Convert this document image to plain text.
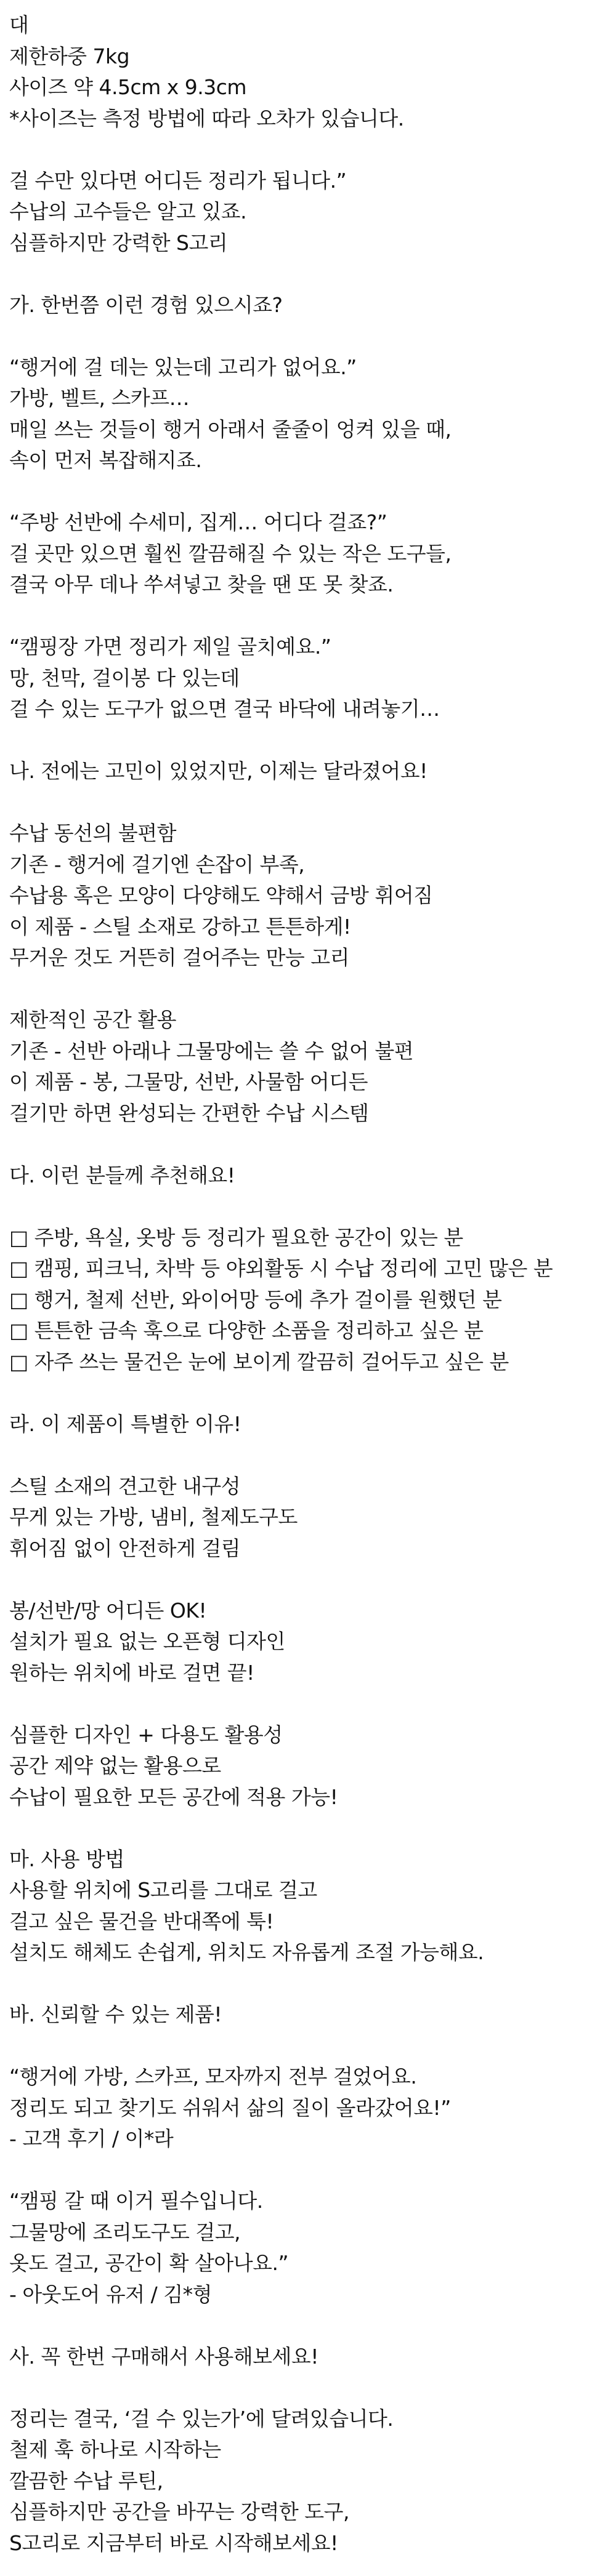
대
제한하중 7kg
사이즈 약 4.5cm x 9.3cm
*사이즈는 측정 방법에 따라 오차가 있습니다.
걸 수만 있다면 어디든 정리가 됩니다.”
수납의 고수들은 알고 있죠.
심플하지만 강력한 S고리
가. 한번쯤 이런 경험 있으시죠?
“행거에 걸 데는 있는데 고리가 없어요.”
가방, 벨트, 스카프…
매일 쓰는 것들이 행거 아래서 줄줄이 엉켜 있을 때,
속이 먼저 복잡해지죠.
“주방 선반에 수세미, 집게… 어디다 걸죠?”
걸 곳만 있으면 훨씬 깔끔해질 수 있는 작은 도구들,
결국 아무 데나 쑤셔넣고 찾을 땐 또 못 찾죠.
“캠핑장 가면 정리가 제일 골치예요.”
망, 천막, 걸이봉 다 있는데
걸 수 있는 도구가 없으면 결국 바닥에 내려놓기…
나. 전에는 고민이 있었지만, 이제는 달라졌어요!
수납 동선의 불편함
기존 - 행거에 걸기엔 손잡이 부족,
수납용 혹은 모양이 다양해도 약해서 금방 휘어짐
이 제품 - 스틸 소재로 강하고 튼튼하게!
무거운 것도 거뜬히 걸어주는 만능 고리
제한적인 공간 활용
기존 - 선반 아래나 그물망에는 쓸 수 없어 불편
이 제품 - 봉, 그물망, 선반, 사물함 어디든
걸기만 하면 완성되는 간편한 수납 시스템
다. 이런 분들께 추천해요!
□ 주방, 욕실, 옷방 등 정리가 필요한 공간이 있는 분
□ 캠핑, 피크닉, 차박 등 야외활동 시 수납 정리에 고민 많은 분
□ 행거, 철제 선반, 와이어망 등에 추가 걸이를 원했던 분
□ 튼튼한 금속 훅으로 다양한 소품을 정리하고 싶은 분
□ 자주 쓰는 물건은 눈에 보이게 깔끔히 걸어두고 싶은 분
라. 이 제품이 특별한 이유!
스틸 소재의 견고한 내구성
무게 있는 가방, 냄비, 철제도구도
휘어짐 없이 안전하게 걸림
봉/선반/망 어디든 OK!
설치가 필요 없는 오픈형 디자인
원하는 위치에 바로 걸면 끝!
심플한 디자인 + 다용도 활용성
공간 제약 없는 활용으로
수납이 필요한 모든 공간에 적용 가능!
마. 사용 방법
사용할 위치에 S고리를 그대로 걸고
걸고 싶은 물건을 반대쪽에 툭!
설치도 해체도 손쉽게, 위치도 자유롭게 조절 가능해요.
바. 신뢰할 수 있는 제품!
“행거에 가방, 스카프, 모자까지 전부 걸었어요.
정리도 되고 찾기도 쉬워서 삶의 질이 올라갔어요!”
- 고객 후기 / 이*라
“캠핑 갈 때 이거 필수입니다.
그물망에 조리도구도 걸고,
옷도 걸고, 공간이 확 살아나요.”
- 아웃도어 유저 / 김*형
사. 꼭 한번 구매해서 사용해보세요!
정리는 결국, ‘걸 수 있는가’에 달려있습니다.
철제 훅 하나로 시작하는
깔끔한 수납 루틴,
심플하지만 공간을 바꾸는 강력한 도구,
S고리로 지금부터 바로 시작해보세요!
